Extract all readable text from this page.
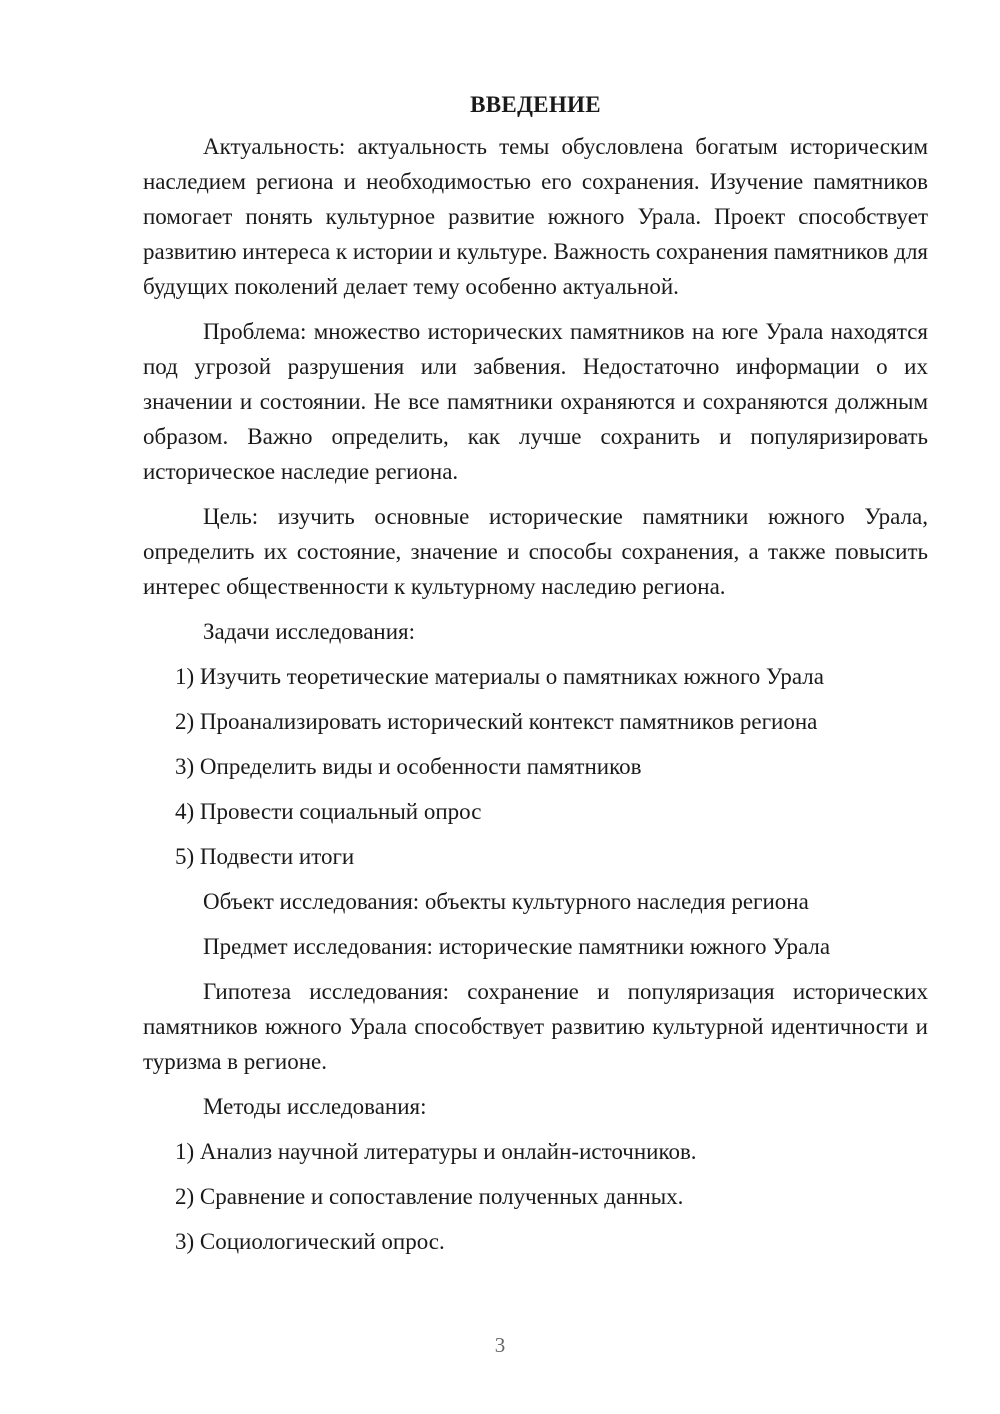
ВВЕДЕНИЕ

Актуальность: актуальность темы обусловлена богатым историческим наследием региона и необходимостью его сохранения. Изучение памятников помогает понять культурное развитие южного Урала. Проект способствует развитию интереса к истории и культуре. Важность сохранения памятников для будущих поколений делает тему особенно актуальной.

Проблема: множество исторических памятников на юге Урала находятся под угрозой разрушения или забвения. Недостаточно информации о их значении и состоянии. Не все памятники охраняются и сохраняются должным образом. Важно определить, как лучше сохранить и популяризировать историческое наследие региона.

Цель: изучить основные исторические памятники южного Урала, определить их состояние, значение и способы сохранения, а также повысить интерес общественности к культурному наследию региона.

Задачи исследования:
1) Изучить теоретические материалы о памятниках южного Урала
2) Проанализировать исторический контекст памятников региона
3) Определить виды и особенности памятников
4) Провести социальный опрос
5) Подвести итоги
Объект исследования: объекты культурного наследия региона
Предмет исследования: исторические памятники южного Урала

Гипотеза исследования: сохранение и популяризация исторических памятников южного Урала способствует развитию культурной идентичности и туризма в регионе.

Методы исследования:
1) Анализ научной литературы и онлайн-источников.
2) Сравнение и сопоставление полученных данных.
3) Социологический опрос.
3
